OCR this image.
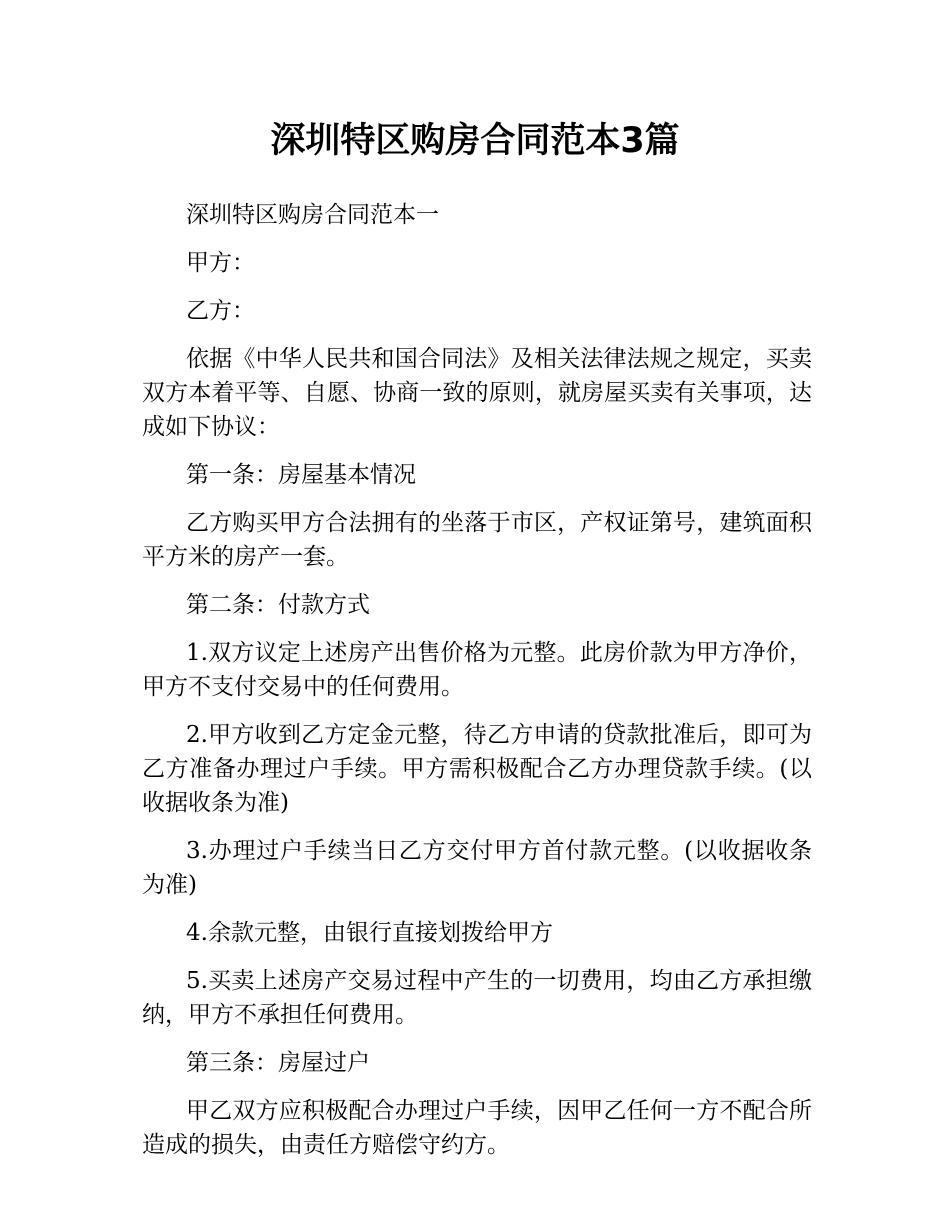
深圳特区购房合同范本3篇

深圳特区购房合同范本一

甲方：

乙方：

依据《中华人民共和国合同法》及相关法律法规之规定，买卖双方本着平等、自愿、协商一致的原则，就房屋买卖有关事项，达成如下协议：

第一条：房屋基本情况

乙方购买甲方合法拥有的坐落于市区，产权证第号，建筑面积平方米的房产一套。

第二条：付款方式

1.双方议定上述房产出售价格为元整。此房价款为甲方净价，甲方不支付交易中的任何费用。

2.甲方收到乙方定金元整，待乙方申请的贷款批准后，即可为乙方准备办理过户手续。甲方需积极配合乙方办理贷款手续。(以收据收条为准)

3.办理过户手续当日乙方交付甲方首付款元整。(以收据收条为准)

4.余款元整，由银行直接划拨给甲方

5.买卖上述房产交易过程中产生的一切费用，均由乙方承担缴纳，甲方不承担任何费用。

第三条：房屋过户

甲乙双方应积极配合办理过户手续，因甲乙任何一方不配合所造成的损失，由责任方赔偿守约方。
